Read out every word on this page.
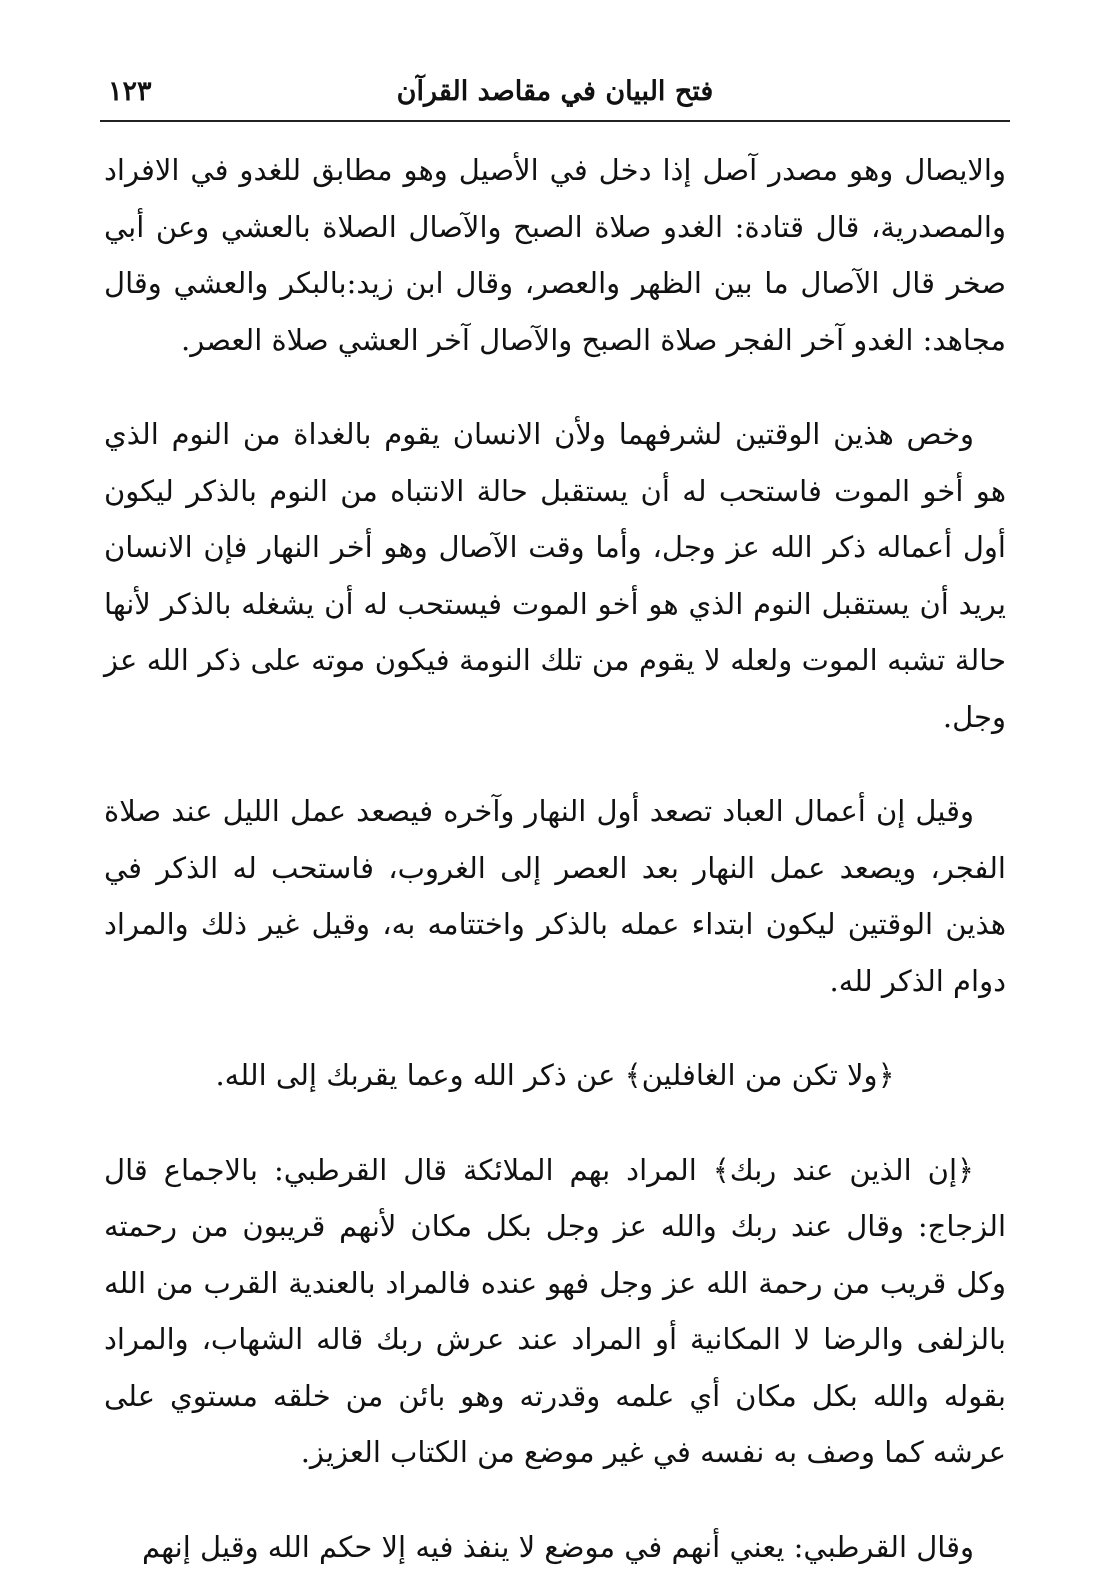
فتح البيان في مقاصد القرآن
١٢٣

والايصال وهو مصدر آصل إذا دخل في الأصيل وهو مطابق للغدو في الافراد والمصدرية، قال قتادة: الغدو صلاة الصبح والآصال الصلاة بالعشي وعن أبي صخر قال الآصال ما بين الظهر والعصر، وقال ابن زيد:بالبكر والعشي وقال مجاهد: الغدو آخر الفجر صلاة الصبح والآصال آخر العشي صلاة العصر.

وخص هذين الوقتين لشرفهما ولأن الانسان يقوم بالغداة من النوم الذي هو أخو الموت فاستحب له أن يستقبل حالة الانتباه من النوم بالذكر ليكون أول أعماله ذكر الله عز وجل، وأما وقت الآصال وهو أخر النهار فإن الانسان يريد أن يستقبل النوم الذي هو أخو الموت فيستحب له أن يشغله بالذكر لأنها حالة تشبه الموت ولعله لا يقوم من تلك النومة فيكون موته على ذكر الله عز وجل.

وقيل إن أعمال العباد تصعد أول النهار وآخره فيصعد عمل الليل عند صلاة الفجر، ويصعد عمل النهار بعد العصر إلى الغروب، فاستحب له الذكر في هذين الوقتين ليكون ابتداء عمله بالذكر واختتامه به، وقيل غير ذلك والمراد دوام الذكر لله.

﴿ولا تكن من الغافلين﴾ عن ذكر الله وعما يقربك إلى الله.

﴿إن الذين عند ربك﴾ المراد بهم الملائكة قال القرطبي: بالاجماع قال الزجاج: وقال عند ربك والله عز وجل بكل مكان لأنهم قريبون من رحمته وكل قريب من رحمة الله عز وجل فهو عنده فالمراد بالعندية القرب من الله بالزلفى والرضا لا المكانية أو المراد عند عرش ربك قاله الشهاب، والمراد بقوله والله بكل مكان أي علمه وقدرته وهو بائن من خلقه مستوي على عرشه كما وصف به نفسه في غير موضع من الكتاب العزيز.

وقال القرطبي: يعني أنهم في موضع لا ينفذ فيه إلا حكم الله وقيل إنهم
